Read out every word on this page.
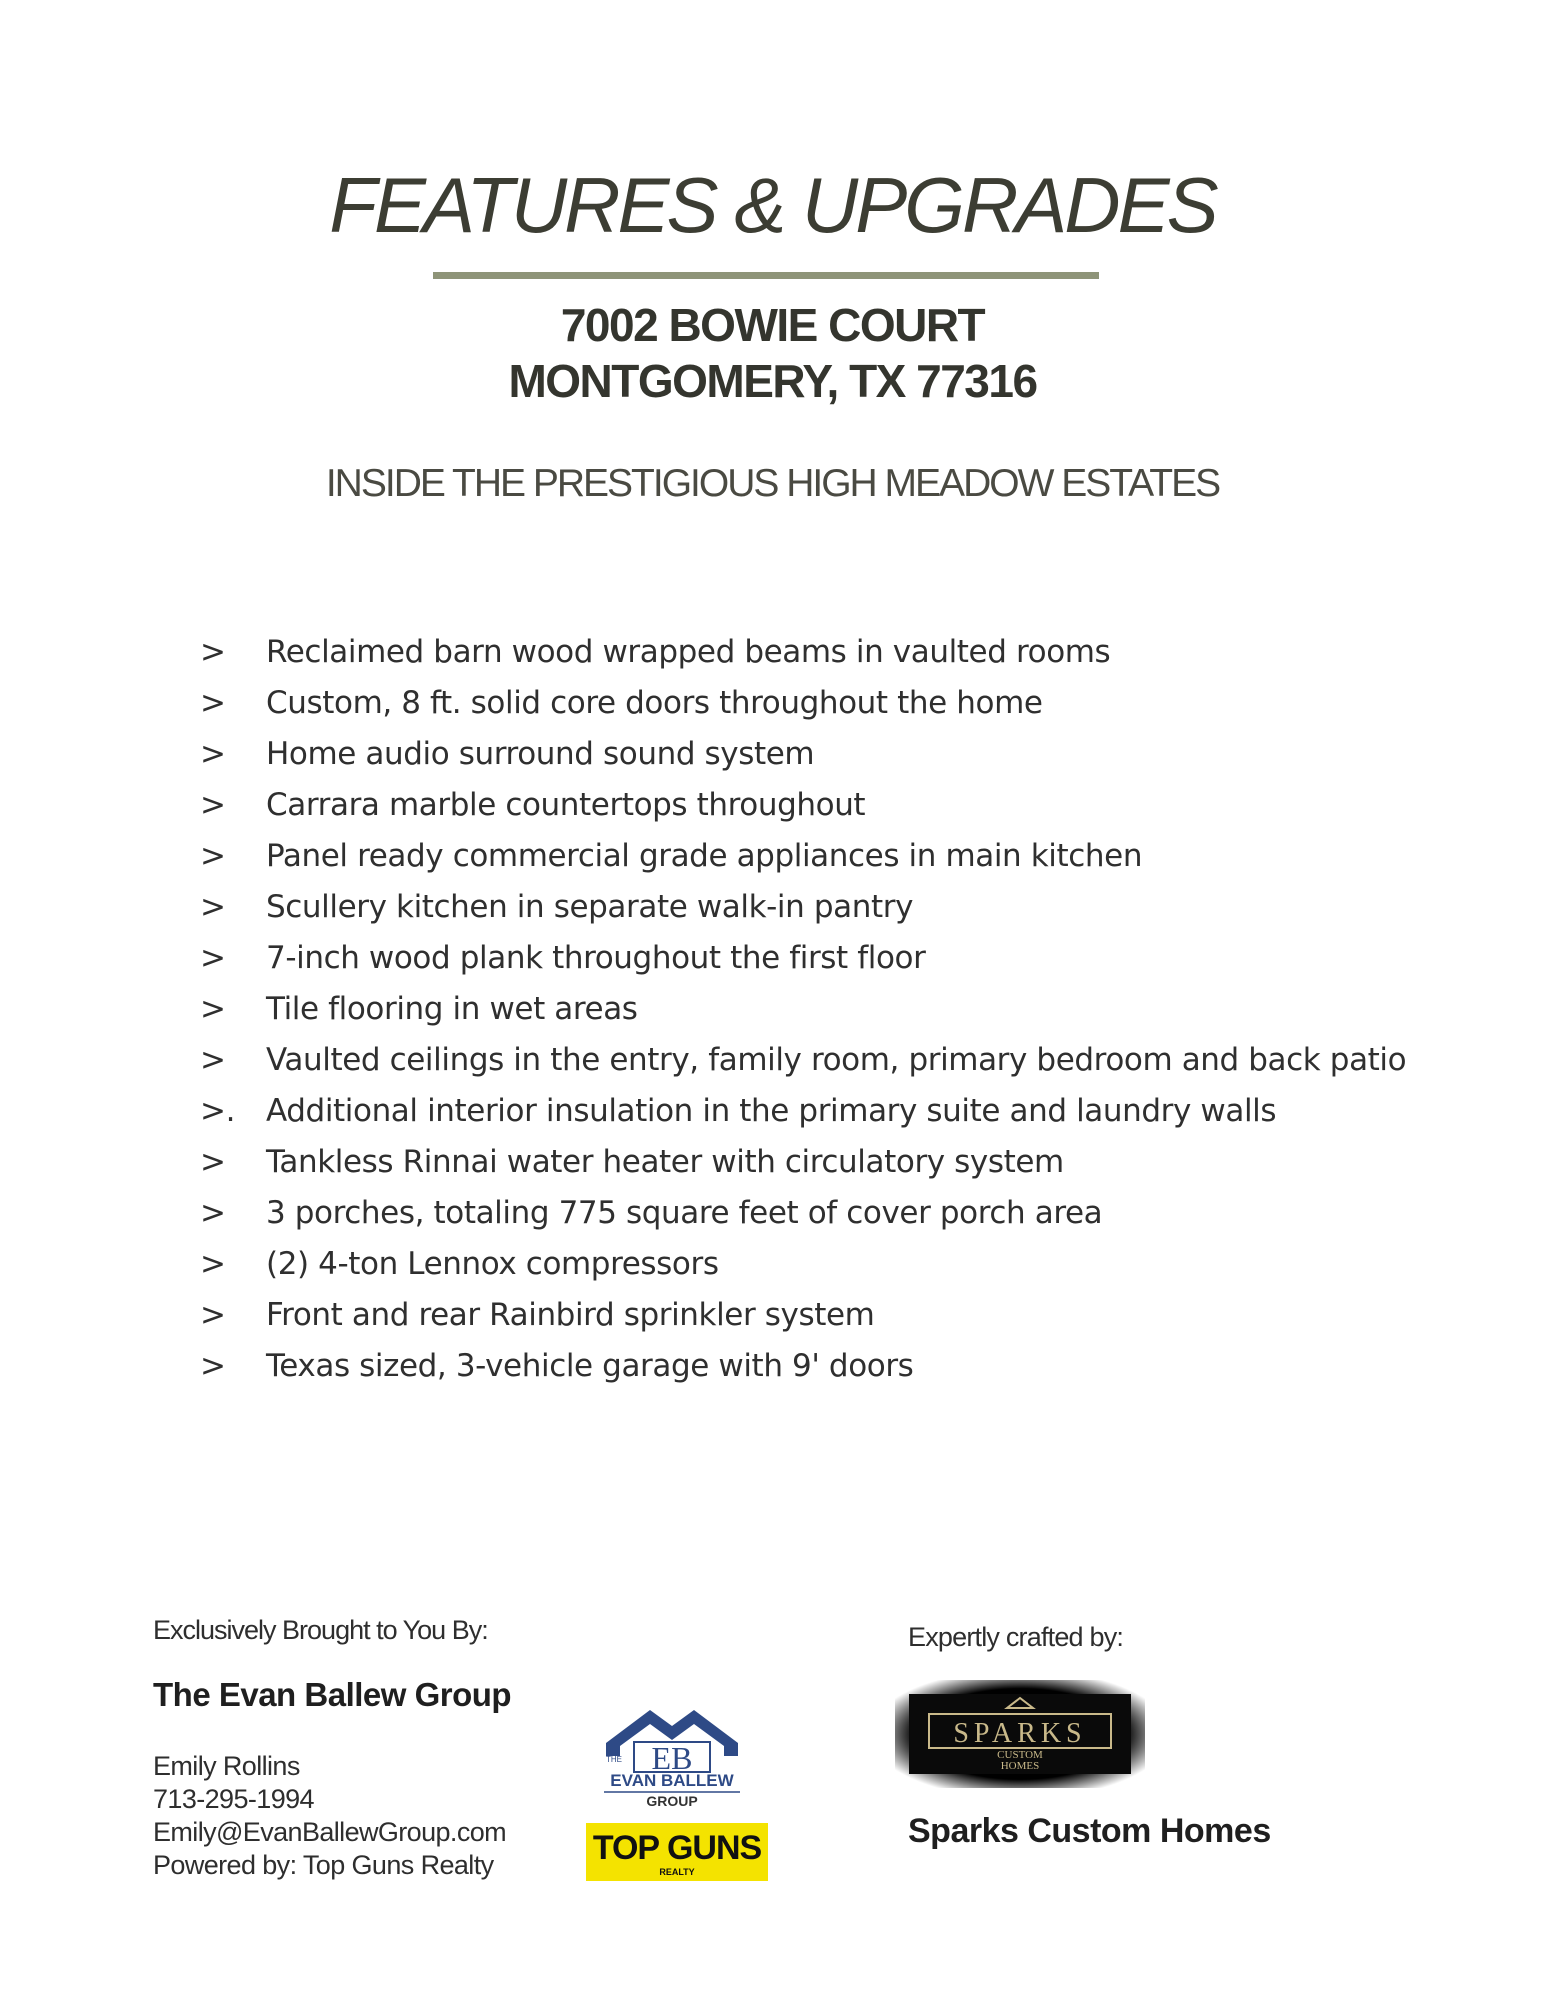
FEATURES & UPGRADES
7002 BOWIE COURT
MONTGOMERY, TX 77316
INSIDE THE PRESTIGIOUS HIGH MEADOW ESTATES
>	Reclaimed barn wood wrapped beams in vaulted rooms
>	Custom, 8 ft. solid core doors throughout the home
>	Home audio surround sound system
>	Carrara marble countertops throughout
>	Panel ready commercial grade appliances in main kitchen
>	Scullery kitchen in separate walk-in pantry
>	7-inch wood plank throughout the first floor
>	Tile flooring in wet areas
>	Vaulted ceilings in the entry, family room, primary bedroom and back patio
>. Additional interior insulation in the primary suite and laundry walls
>	Tankless Rinnai water heater with circulatory system
>	3 porches, totaling 775 square feet of cover porch area
>	(2) 4-ton Lennox compressors
>	Front and rear Rainbird sprinkler system
>	Texas sized, 3-vehicle garage with 9' doors
Exclusively Brought to You By:
The Evan Ballew Group
Emily Rollins
713-295-1994
Emily@EvanBallewGroup.com
Powered by: Top Guns Realty
EB
THE
EVAN BALLEW
GROUP
TOP GUNS
REALTY
Expertly crafted by:
SPARKS
CUSTOM
HOMES
Sparks Custom Homes
